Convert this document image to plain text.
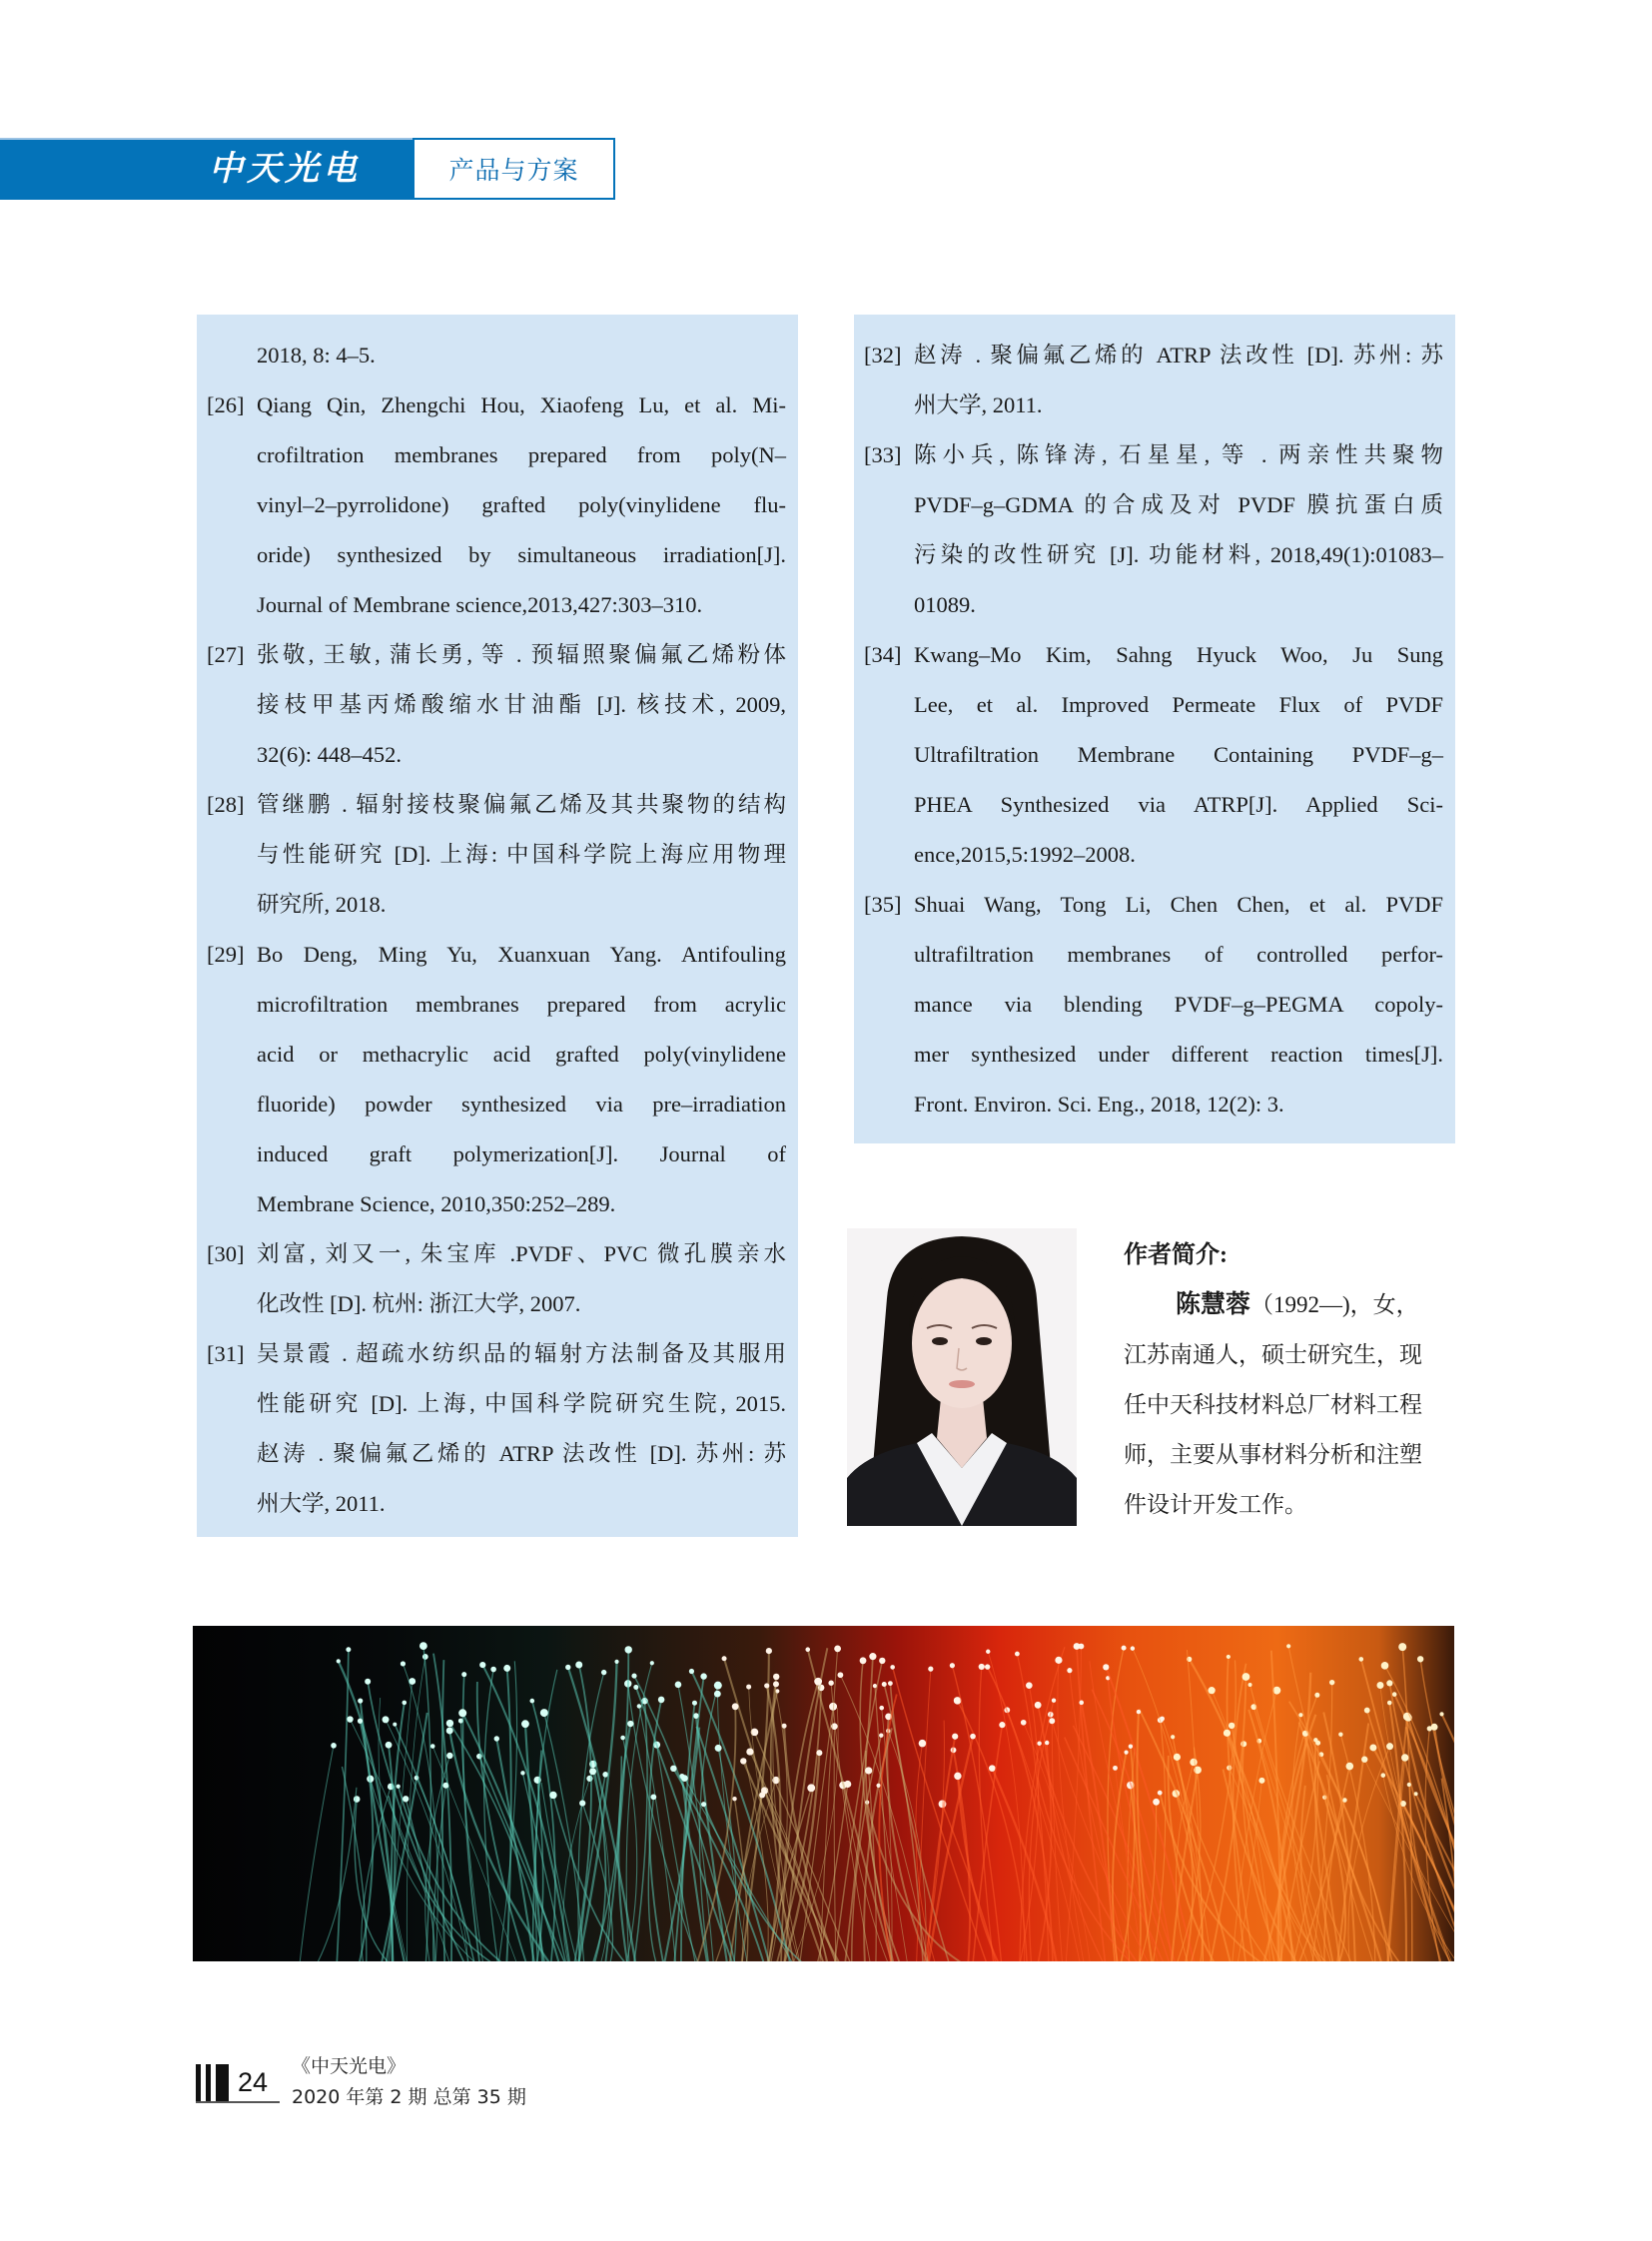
中天光电	产品与方案
2018, 8: 4–5.
[26] Qiang Qin, Zhengchi Hou, Xiaofeng Lu, et al. Mi-
crofiltration membranes prepared from poly(N–
vinyl–2–pyrrolidone) grafted poly(vinylidene flu-
oride) synthesized by simultaneous irradiation[J].
Journal of Membrane science,2013,427:303–310.
[27] 张敬, 王敏, 蒲长勇, 等 . 预辐照聚偏氟乙烯粉体
接枝甲基丙烯酸缩水甘油酯 [J]. 核技术, 2009,
32(6): 448–452.
[28] 管继鹏 . 辐射接枝聚偏氟乙烯及其共聚物的结构
与性能研究 [D]. 上海: 中国科学院上海应用物理
研究所, 2018.
[29] Bo Deng, Ming Yu, Xuanxuan Yang. Antifouling
microfiltration membranes prepared from acrylic
acid or methacrylic acid grafted poly(vinylidene
fluoride) powder synthesized via pre–irradiation
induced graft polymerization[J]. Journal of
Membrane Science, 2010,350:252–289.
[30] 刘富, 刘又一, 朱宝库 .PVDF、PVC 微孔膜亲水
化改性 [D]. 杭州: 浙江大学, 2007.
[31] 吴景霞 . 超疏水纺织品的辐射方法制备及其服用
性能研究 [D]. 上海, 中国科学院研究生院, 2015.
赵涛 . 聚偏氟乙烯的 ATRP 法改性 [D]. 苏州: 苏
州大学, 2011.
[32] 赵涛 . 聚偏氟乙烯的 ATRP 法改性 [D]. 苏州: 苏
州大学, 2011.
[33] 陈小兵, 陈锋涛, 石星星, 等 . 两亲性共聚物
PVDF–g–GDMA 的合成及对 PVDF 膜抗蛋白质
污染的改性研究 [J]. 功能材料, 2018,49(1):01083–
01089.
[34] Kwang–Mo Kim, Sahng Hyuck Woo, Ju Sung
Lee, et al. Improved Permeate Flux of PVDF
Ultrafiltration Membrane Containing PVDF–g–
PHEA Synthesized via ATRP[J]. Applied Sci-
ence,2015,5:1992–2008.
[35] Shuai Wang, Tong Li, Chen Chen, et al. PVDF
ultrafiltration membranes of controlled perfor-
mance via blending PVDF–g–PEGMA copoly-
mer synthesized under different reaction times[J].
Front. Environ. Sci. Eng., 2018, 12(2): 3.
作者简介:
陈慧蓉（1992—)，女，
江苏南通人，硕士研究生，现
任中天科技材料总厂材料工程
师，主要从事材料分析和注塑
件设计开发工作。
24
《中天光电》
2020 年第 2 期 总第 35 期
